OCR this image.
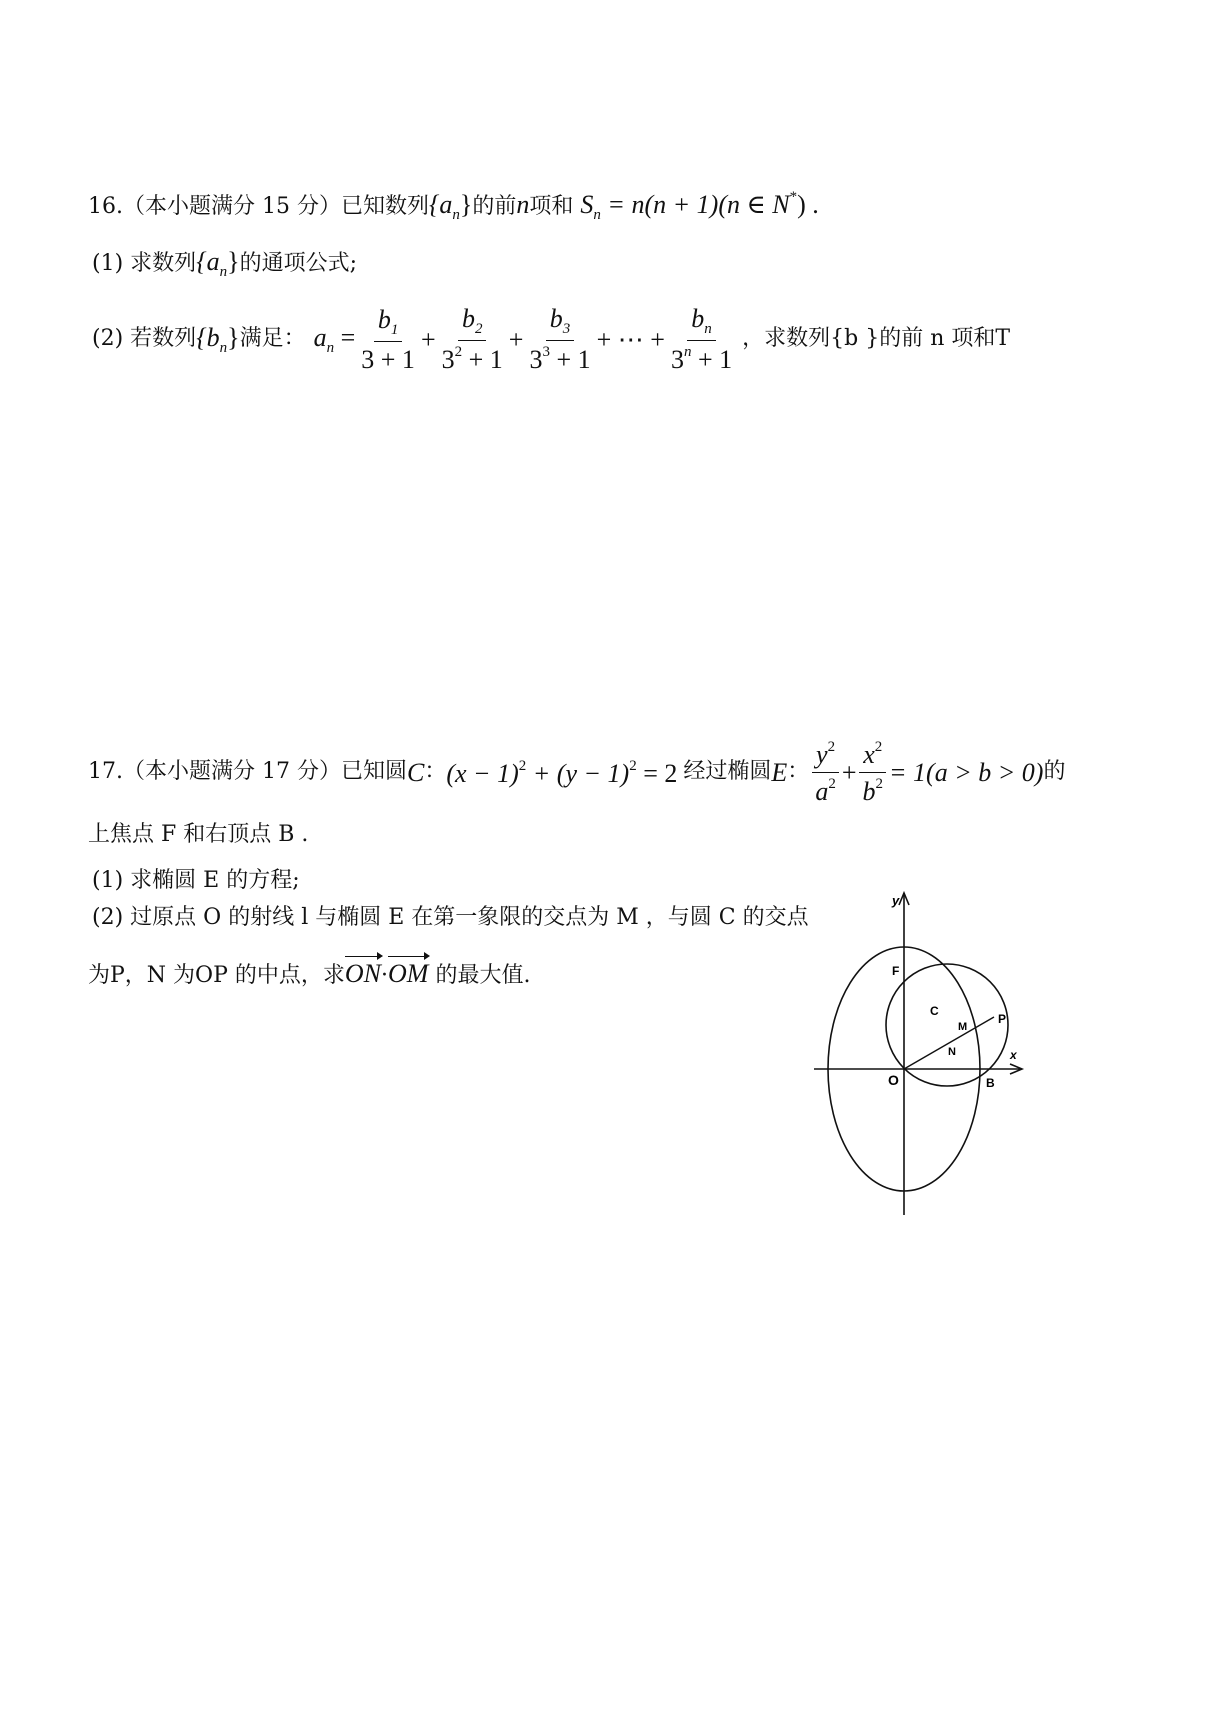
16.（本小题满分 15 分）已知数列$\{a_n\}$的前n项和 $S_n = n(n + 1)(n$ ∈ N*) .
(1) 求数列$\{a_n\}$的通项公式;
(2)
若数列 $\{b_n\}$ 满足： $a_n = \frac{b_1}{3 + 1} + \frac{b_2}{3^2 + 1} + \frac{b_3}{3^3 + 1}$ + ⋯ + $\frac{b_n}{3^n + 1}$ ，求数列{b }的前 n 项和T
17. （本小题满分 17 分） 已知圆 C ： $(x - 1)^2 + (y - 1)^2 = 2$ 经过椭圆 E ： $\frac{y^2}{a^2} + \frac{x^2}{b^2} = 1(a > b > 0)$ 的
上焦点 F 和右顶点 B .
(1) 求椭圆 E 的方程;
(2) 过原点 O 的射线 l 与椭圆 E 在第一象限的交点为 M ，与圆 C 的交点
为P，N 为OP 的中点，求ON·OM 的最大值.
y
x
F
C
M
P
N
O	B
